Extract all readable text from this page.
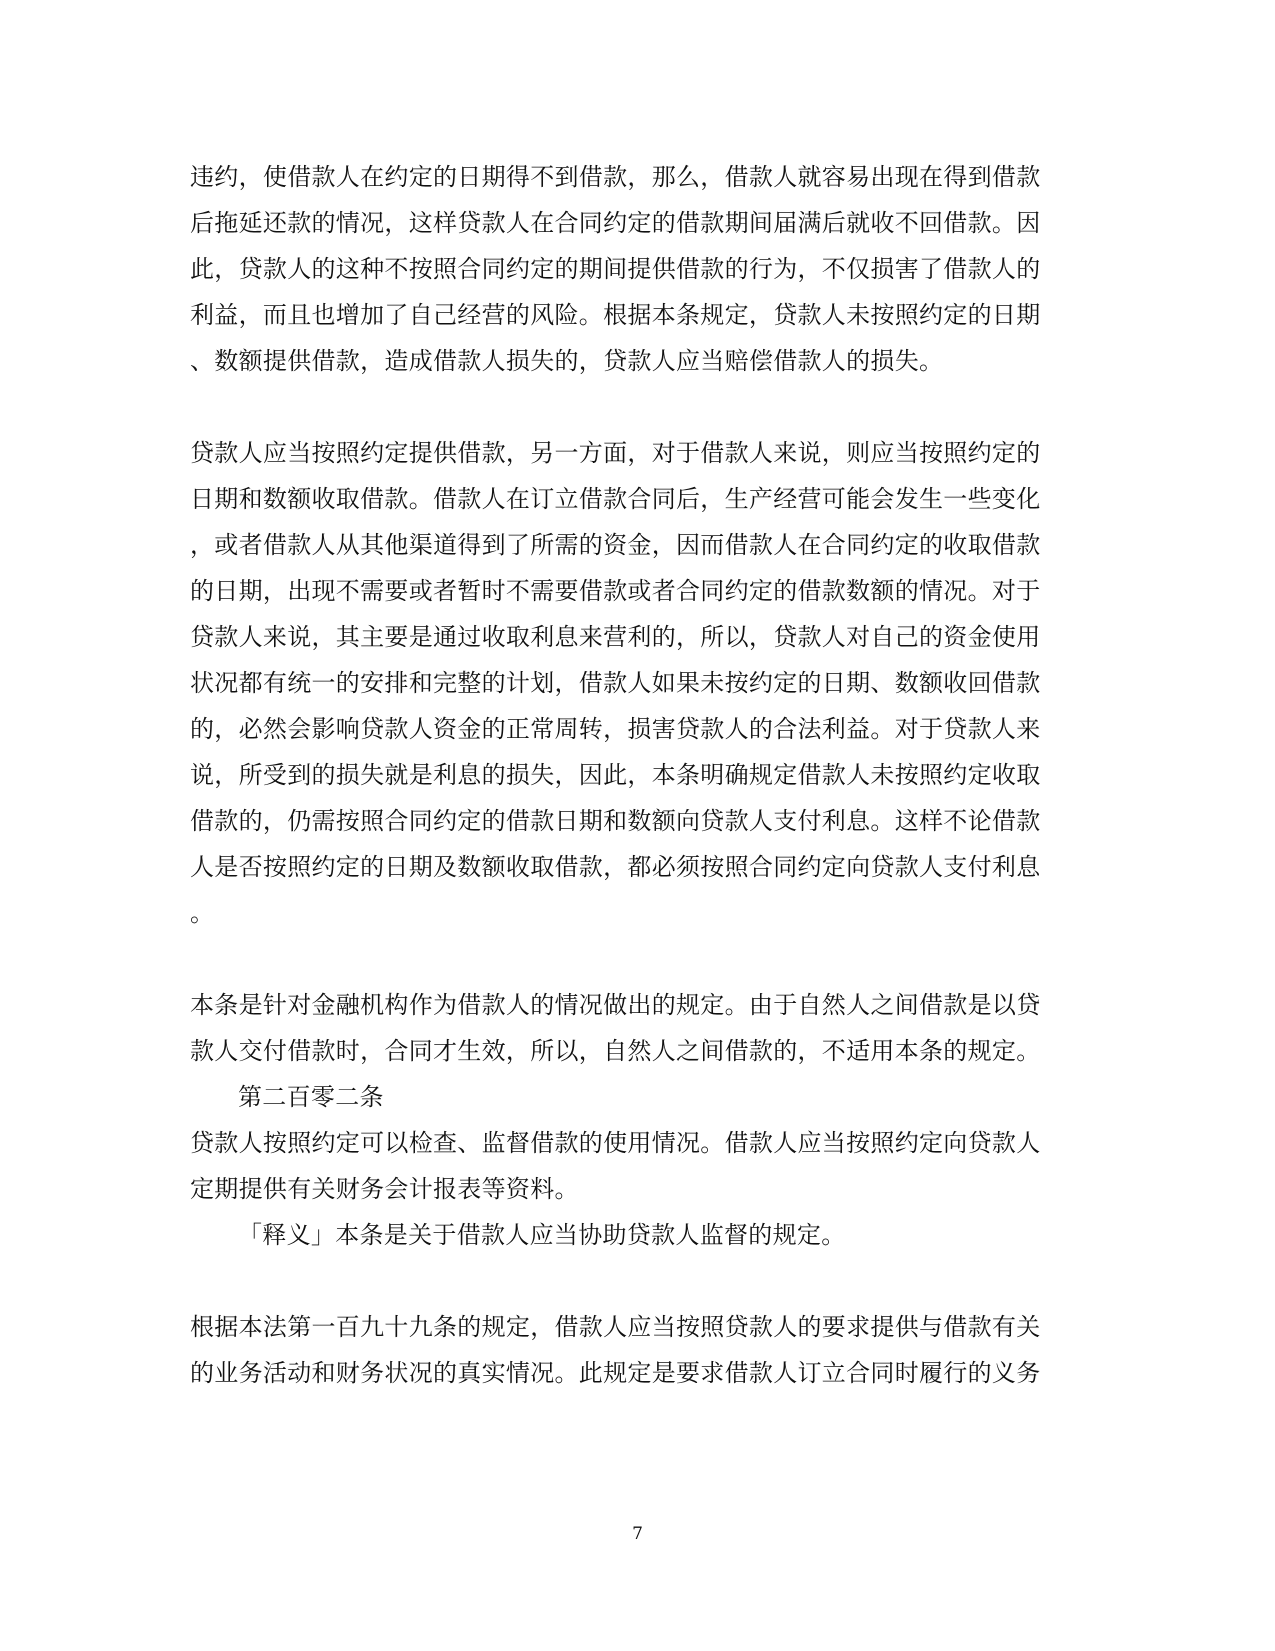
违约，使借款人在约定的日期得不到借款，那么，借款人就容易出现在得到借款
后拖延还款的情况，这样贷款人在合同约定的借款期间届满后就收不回借款。因
此，贷款人的这种不按照合同约定的期间提供借款的行为，不仅损害了借款人的
利益，而且也增加了自己经营的风险。根据本条规定，贷款人未按照约定的日期
、数额提供借款，造成借款人损失的，贷款人应当赔偿借款人的损失。
贷款人应当按照约定提供借款，另一方面，对于借款人来说，则应当按照约定的
日期和数额收取借款。借款人在订立借款合同后，生产经营可能会发生一些变化
，或者借款人从其他渠道得到了所需的资金，因而借款人在合同约定的收取借款
的日期，出现不需要或者暂时不需要借款或者合同约定的借款数额的情况。对于
贷款人来说，其主要是通过收取利息来营利的，所以，贷款人对自己的资金使用
状况都有统一的安排和完整的计划，借款人如果未按约定的日期、数额收回借款
的，必然会影响贷款人资金的正常周转，损害贷款人的合法利益。对于贷款人来
说，所受到的损失就是利息的损失，因此，本条明确规定借款人未按照约定收取
借款的，仍需按照合同约定的借款日期和数额向贷款人支付利息。这样不论借款
人是否按照约定的日期及数额收取借款，都必须按照合同约定向贷款人支付利息
。
本条是针对金融机构作为借款人的情况做出的规定。由于自然人之间借款是以贷
款人交付借款时，合同才生效，所以，自然人之间借款的，不适用本条的规定。
第二百零二条
贷款人按照约定可以检查、监督借款的使用情况。借款人应当按照约定向贷款人
定期提供有关财务会计报表等资料。
「释义」本条是关于借款人应当协助贷款人监督的规定。
根据本法第一百九十九条的规定，借款人应当按照贷款人的要求提供与借款有关
的业务活动和财务状况的真实情况。此规定是要求借款人订立合同时履行的义务
7
